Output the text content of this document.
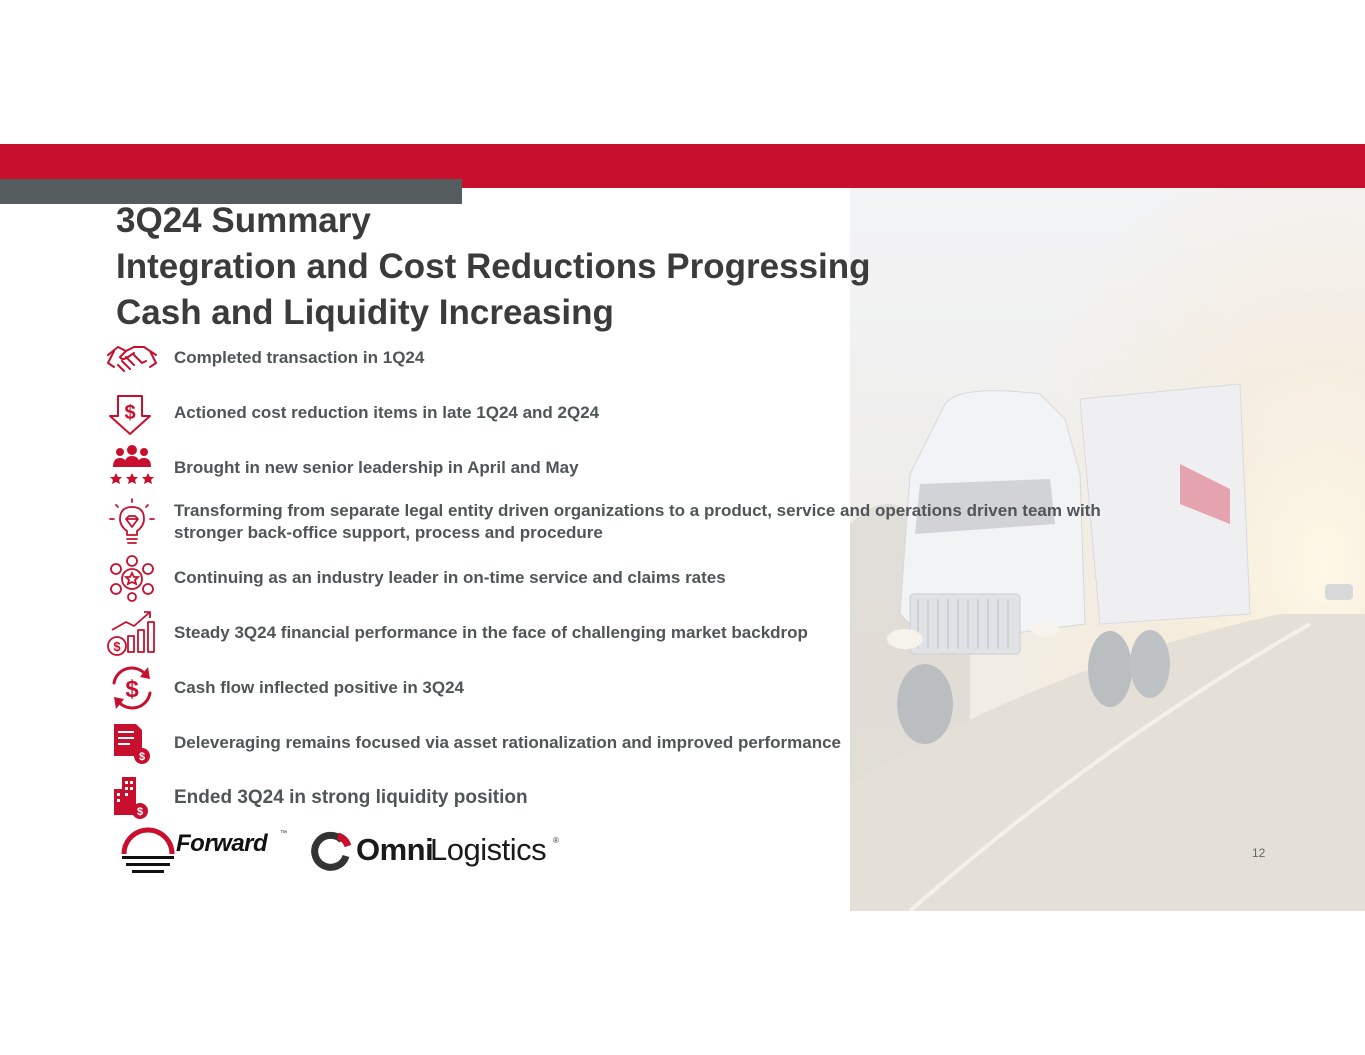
3Q24 Summary
Integration and Cost Reductions Progressing
Cash and Liquidity Increasing
Completed transaction in 1Q24
$ Actioned cost reduction items in late 1Q24 and 2Q24
Brought in new senior leadership in April and May
Transforming from separate legal entity driven organizations to a product, service and operations driven team with
stronger back-office support, process and procedure
Continuing as an industry leader in on-time service and claims rates
$
Steady 3Q24 financial performance in the face of challenging market backdrop
$ Cash flow inflected positive in 3Q24
$
Deleveraging remains focused via asset rationalization and improved performance
$
Ended 3Q24 in strong liquidity position
Forward ™ Omni
Logistics ®
12
